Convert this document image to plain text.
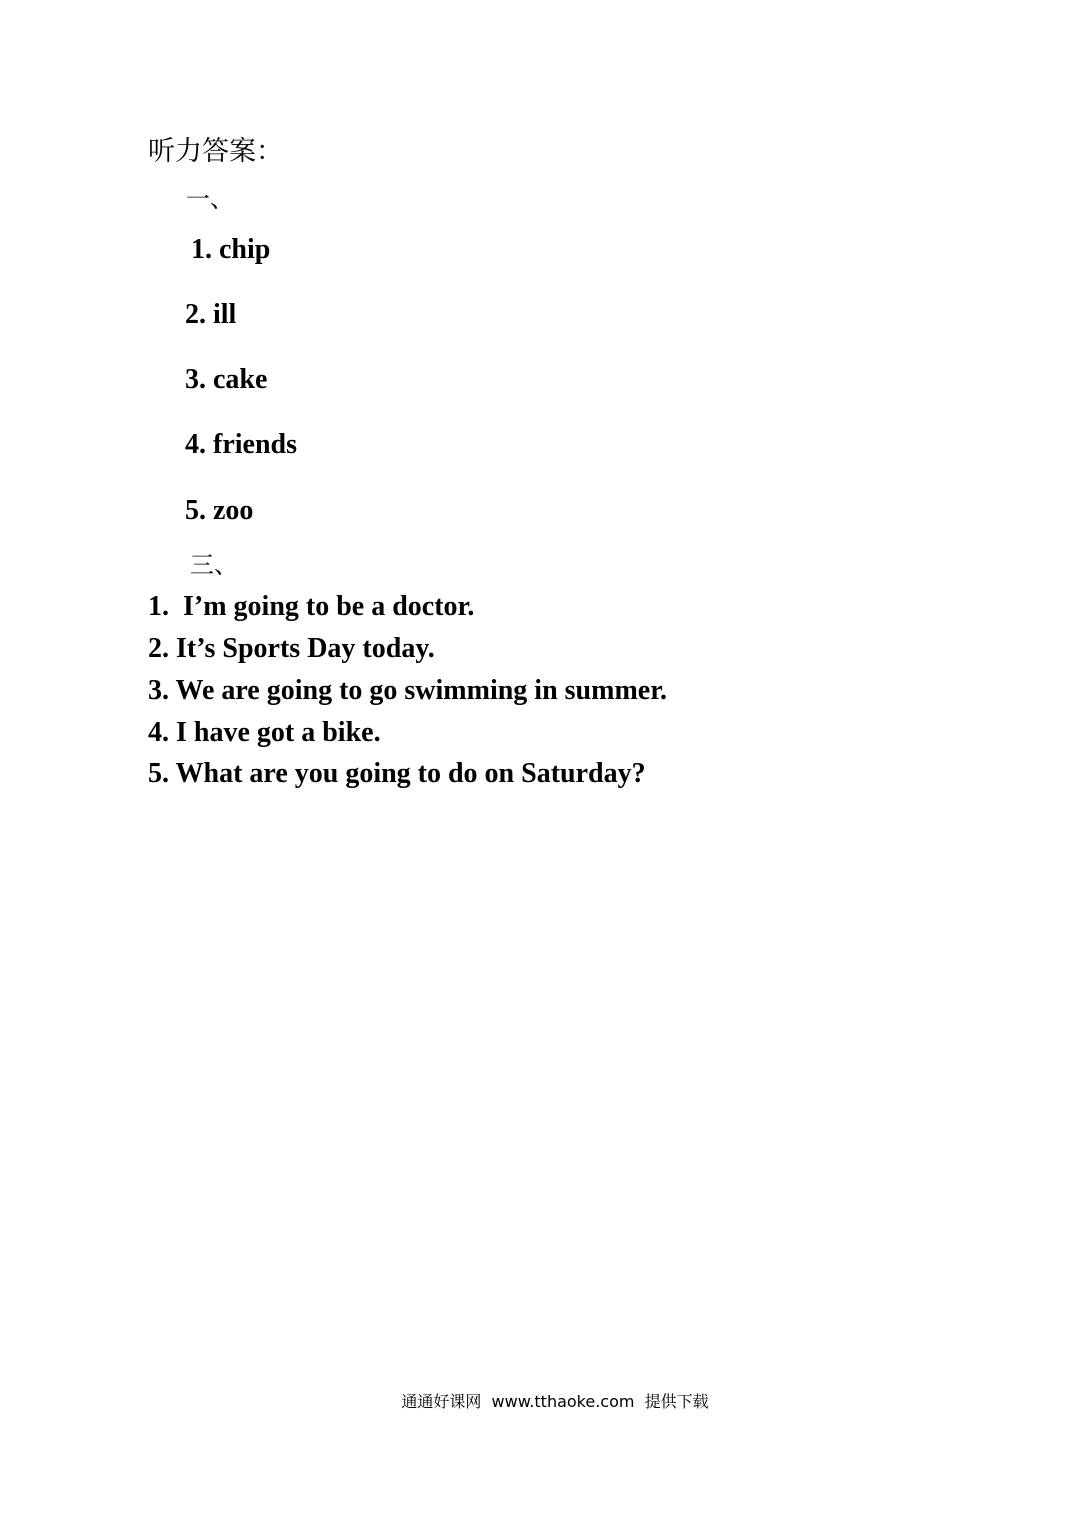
听力答案：
一、
1. chip
2. ill
3. cake
4. friends
5. zoo
三、
1.  I’m going to be a doctor.
2. It’s Sports Day today.
3. We are going to go swimming in summer.
4. I have got a bike.
5. What are you going to do on Saturday?
通通好课网  www.tthaoke.com  提供下载
